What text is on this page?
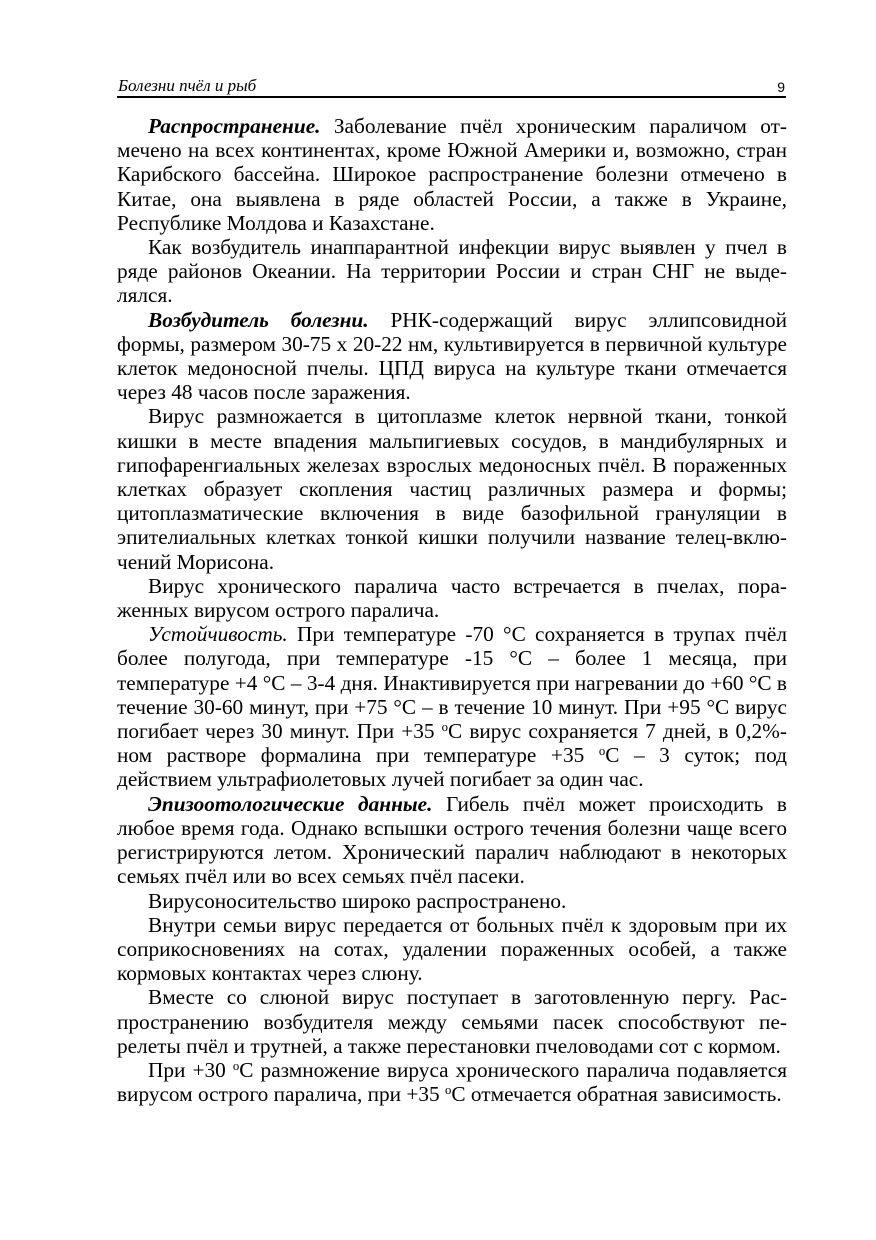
Болезни пчёл и рыб	9

Распространение. Заболевание пчёл хроническим параличом отмечено на всех континентах, кроме Южной Америки и, возможно, стран Карибского бассейна. Широкое распространение болезни отмечено в Китае, она выявлена в ряде областей России, а также в Украине, Республике Молдова и Казахстане.

Как возбудитель инаппарантной инфекции вирус выявлен у пчел в ряде районов Океании. На территории России и стран СНГ не выделялся.

Возбудитель болезни. РНК-содержащий вирус эллипсовидной формы, размером 30-75 х 20-22 нм, культивируется в первичной культуре клеток медоносной пчелы. ЦПД вируса на культуре ткани отмечается через 48 часов после заражения.

Вирус размножается в цитоплазме клеток нервной ткани, тонкой кишки в месте впадения мальпигиевых сосудов, в мандибулярных и гипофаренгиальных железах взрослых медоносных пчёл. В пораженных клетках образует скопления частиц различных размера и формы; цитоплазматические включения в виде базофильной грануляции в эпителиальных клетках тонкой кишки получили название телец-включений Морисона.

Вирус хронического паралича часто встречается в пчелах, пораженных вирусом острого паралича.

Устойчивость. При температуре -70 °С сохраняется в трупах пчёл более полугода, при температуре -15 °С – более 1 месяца, при температуре +4 °С – 3-4 дня. Инактивируется при нагревании до +60 °С в течение 30-60 минут, при +75 °С – в течение 10 минут. При +95 °С вирус погибает через 30 минут. При +35 $^о$С вирус сохраняется 7 дней, в 0,2%-ном растворе формалина при температуре +35 $^о$С – 3 суток; под действием ультрафиолетовых лучей погибает за один час.

Эпизоотологические данные. Гибель пчёл может происходить в любое время года. Однако вспышки острого течения болезни чаще всего регистрируются летом. Хронический паралич наблюдают в некоторых семьях пчёл или во всех семьях пчёл пасеки.

Вирусоносительство широко распространено.

Внутри семьи вирус передается от больных пчёл к здоровым при их соприкосновениях на сотах, удалении пораженных особей, а также кормовых контактах через слюну.

Вместе со слюной вирус поступает в заготовленную пергу. Распространению возбудителя между семьями пасек способствуют перелеты пчёл и трутней, а также перестановки пчеловодами сот с кормом.

При +30 $^о$С размножение вируса хронического паралича подавляется вирусом острого паралича, при +35 $^о$С отмечается обратная зависимость.
